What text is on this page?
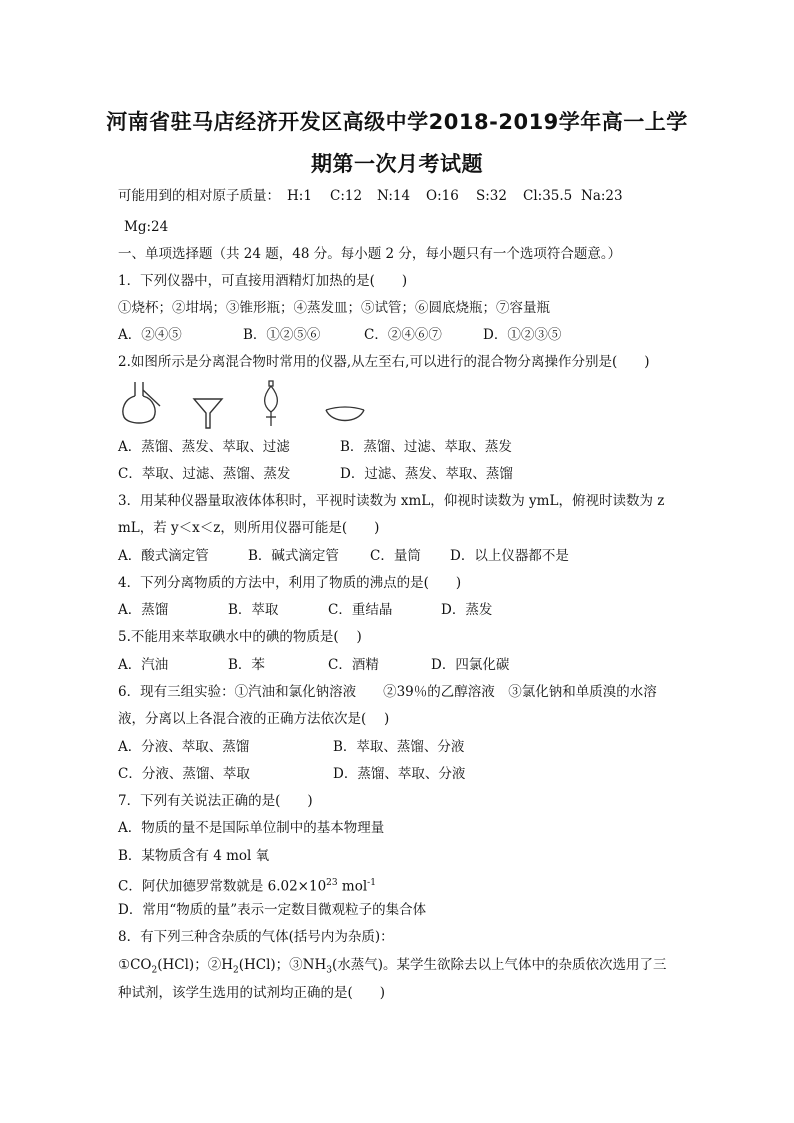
河南省驻马店经济开发区高级中学2018-2019学年高一上学
期第一次月考试题
可能用到的相对原子质量： H:1 C:12 N:14 O:16 S:32 Cl:35.5 Na:23
Mg:24
一、单项选择题（共 24 题，48 分。每小题 2 分，每小题只有一个选项符合题意。）
1．下列仪器中，可直接用酒精灯加热的是(　　)
①烧杯；②坩埚；③锥形瓶；④蒸发皿；⑤试管；⑥圆底烧瓶；⑦容量瓶
A．②④⑤	B．①②⑤⑥	C．②④⑥⑦	D．①②③⑤
2.如图所示是分离混合物时常用的仪器,从左至右,可以进行的混合物分离操作分别是(　　)
A．蒸馏、蒸发、萃取、过滤	B．蒸馏、过滤、萃取、蒸发
C．萃取、过滤、蒸馏、蒸发	D．过滤、蒸发、萃取、蒸馏
3．用某种仪器量取液体体积时，平视时读数为 xmL，仰视时读数为 ymL，俯视时读数为 z
mL，若 y＜x＜z，则所用仪器可能是(　　)
A．酸式滴定管	B．碱式滴定管 C．量筒 D．以上仪器都不是
4．下列分离物质的方法中，利用了物质的沸点的是(　　)
A．蒸馏	B．萃取	C．重结晶	D．蒸发
5.不能用来萃取碘水中的碘的物质是(　 )
A．汽油	B．苯	C．酒精	D．四氯化碳
6．现有三组实验：①汽油和氯化钠溶液　　②39％的乙醇溶液　③氯化钠和单质溴的水溶
液，分离以上各混合液的正确方法依次是(　 )
A．分液、萃取、蒸馏	B．萃取、蒸馏、分液
C．分液、蒸馏、萃取	D．蒸馏、萃取、分液
7．下列有关说法正确的是(　　)
A．物质的量不是国际单位制中的基本物理量
B．某物质含有 4 mol 氧
C．阿伏加德罗常数就是 $6.02\times 10^{23}$ mol$^{-1}$
D．常用“物质的量”表示一定数目微观粒子的集合体
8．有下列三种含杂质的气体(括号内为杂质)：
$①CO_2(HCl)$；$②H_2(HCl)$；$③NH_3$(水蒸气)。某学生欲除去以上气体中的杂质依次选用了三
种试剂，该学生选用的试剂均正确的是(　　)
